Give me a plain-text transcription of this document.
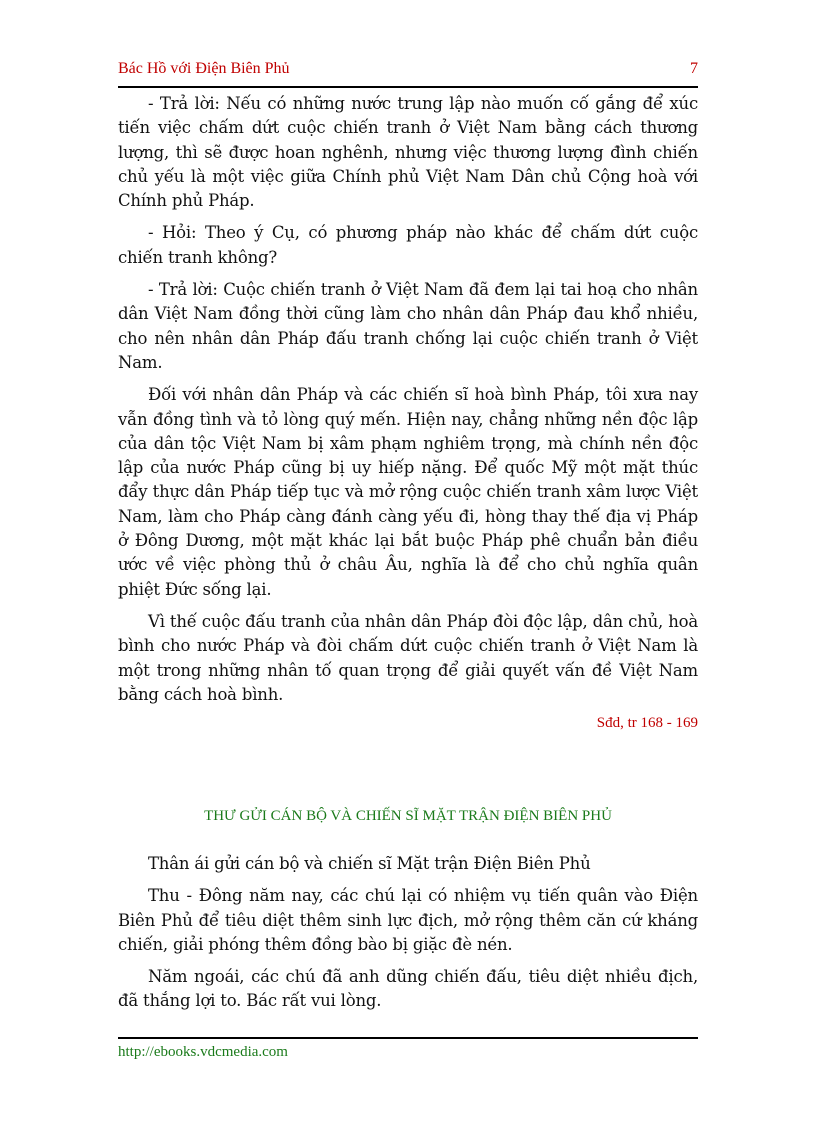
Bác Hồ với Điện Biên Phủ	7

- Trả lời: Nếu có những nước trung lập nào muốn cố gắng để xúc tiến việc chấm dứt cuộc chiến tranh ở Việt Nam bằng cách thương lượng, thì sẽ được hoan nghênh, nhưng việc thương lượng đình chiến chủ yếu là một việc giữa Chính phủ Việt Nam Dân chủ Cộng hoà với Chính phủ Pháp.

- Hỏi: Theo ý Cụ, có phương pháp nào khác để chấm dứt cuộc chiến tranh không?

- Trả lời: Cuộc chiến tranh ở Việt Nam đã đem lại tai hoạ cho nhân dân Việt Nam đồng thời cũng làm cho nhân dân Pháp đau khổ nhiều, cho nên nhân dân Pháp đấu tranh chống lại cuộc chiến tranh ở Việt Nam.

Đối với nhân dân Pháp và các chiến sĩ hoà bình Pháp, tôi xưa nay vẫn đồng tình và tỏ lòng quý mến. Hiện nay, chẳng những nền độc lập của dân tộc Việt Nam bị xâm phạm nghiêm trọng, mà chính nền độc lập của nước Pháp cũng bị uy hiếp nặng. Để quốc Mỹ một mặt thúc đẩy thực dân Pháp tiếp tục và mở rộng cuộc chiến tranh xâm lược Việt Nam, làm cho Pháp càng đánh càng yếu đi, hòng thay thế địa vị Pháp ở Đông Dương, một mặt khác lại bắt buộc Pháp phê chuẩn bản điều ước về việc phòng thủ ở châu Âu, nghĩa là để cho chủ nghĩa quân phiệt Đức sống lại.

Vì thế cuộc đấu tranh của nhân dân Pháp đòi độc lập, dân chủ, hoà bình cho nước Pháp và đòi chấm dứt cuộc chiến tranh ở Việt Nam là một trong những nhân tố quan trọng để giải quyết vấn đề Việt Nam bằng cách hoà bình.

Sđd, tr 168 - 169
THƯ GỬI CÁN BỘ VÀ CHIẾN SĨ MẶT TRẬN ĐIỆN BIÊN PHỦ

Thân ái gửi cán bộ và chiến sĩ Mặt trận Điện Biên Phủ

Thu - Đông năm nay, các chú lại có nhiệm vụ tiến quân vào Điện Biên Phủ để tiêu diệt thêm sinh lực địch, mở rộng thêm căn cứ kháng chiến, giải phóng thêm đồng bào bị giặc đè nén.

Năm ngoái, các chú đã anh dũng chiến đấu, tiêu diệt nhiều địch, đã thắng lợi to. Bác rất vui lòng.

http://ebooks.vdcmedia.com
